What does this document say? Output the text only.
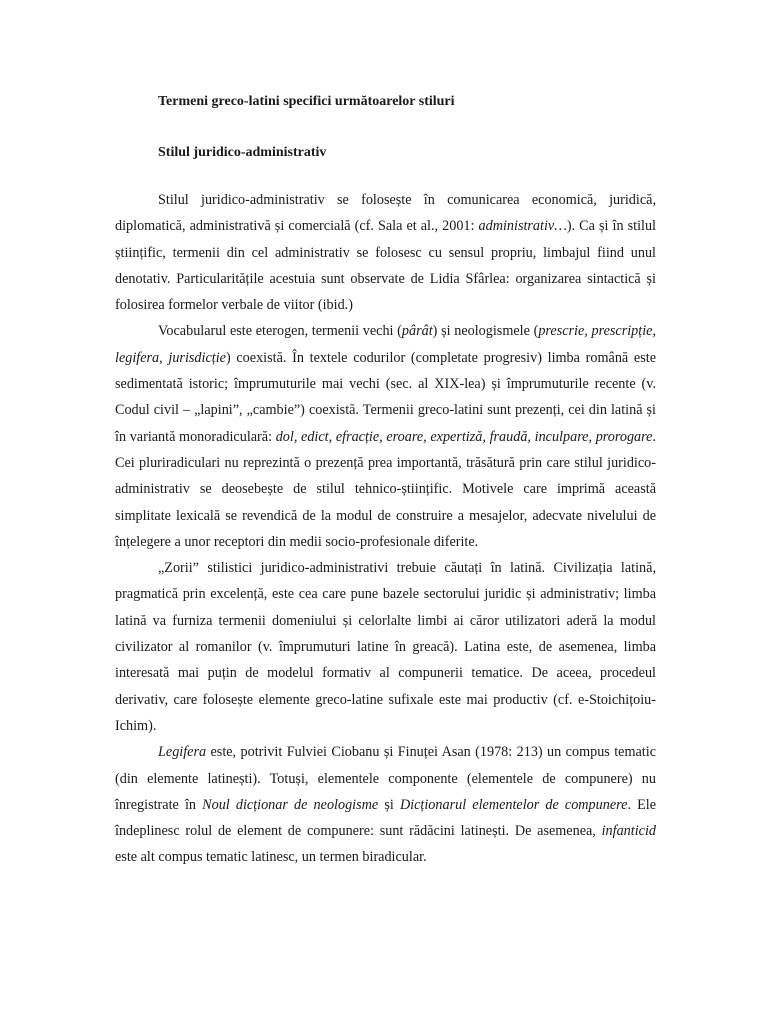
Termeni greco-latini specifici următoarelor stiluri
Stilul juridico-administrativ

Stilul juridico-administrativ se folosește în comunicarea economică, juridică, diplomatică, administrativă și comercială (cf. Sala et al., 2001: administrativ…). Ca și în stilul științific, termenii din cel administrativ se folosesc cu sensul propriu, limbajul fiind unul denotativ. Particularitățile acestuia sunt observate de Lidia Sfârlea: organizarea sintactică și folosirea formelor verbale de viitor (ibid.)

Vocabularul este eterogen, termenii vechi (pârât) și neologismele (prescrie, prescripție, legifera, jurisdicție) coexistă. În textele codurilor (completate progresiv) limba română este sedimentată istoric; împrumuturile mai vechi (sec. al XIX-lea) și împrumuturile recente (v. Codul civil – „lapini”, „cambie”) coexistă. Termenii greco-latini sunt prezenți, cei din latină și în variantă monoradiculară: dol, edict, efracție, eroare, expertiză, fraudă, inculpare, prorogare. Cei pluriradiculari nu reprezintă o prezență prea importantă, trăsătură prin care stilul juridico-administrativ se deosebește de stilul tehnico-științific. Motivele care imprimă această simplitate lexicală se revendică de la modul de construire a mesajelor, adecvate nivelului de înțelegere a unor receptori din medii socio-profesionale diferite.

„Zorii” stilistici juridico-administrativi trebuie căutați în latină. Civilizația latină, pragmatică prin excelență, este cea care pune bazele sectorului juridic și administrativ; limba latină va furniza termenii domeniului și celorlalte limbi ai căror utilizatori aderă la modul civilizator al romanilor (v. împrumuturi latine în greacă). Latina este, de asemenea, limba interesată mai puțin de modelul formativ al compunerii tematice. De aceea, procedeul derivativ, care folosește elemente greco-latine sufixale este mai productiv (cf. e-Stoichițoiu-Ichim).

Legifera este, potrivit Fulviei Ciobanu și Finuței Asan (1978: 213) un compus tematic (din elemente latinești). Totuși, elementele componente (elementele de compunere) nu înregistrate în Noul dicționar de neologisme și Dicționarul elementelor de compunere. Ele îndeplinesc rolul de element de compunere: sunt rădăcini latinești. De asemenea, infanticid este alt compus tematic latinesc, un termen biradicular.
